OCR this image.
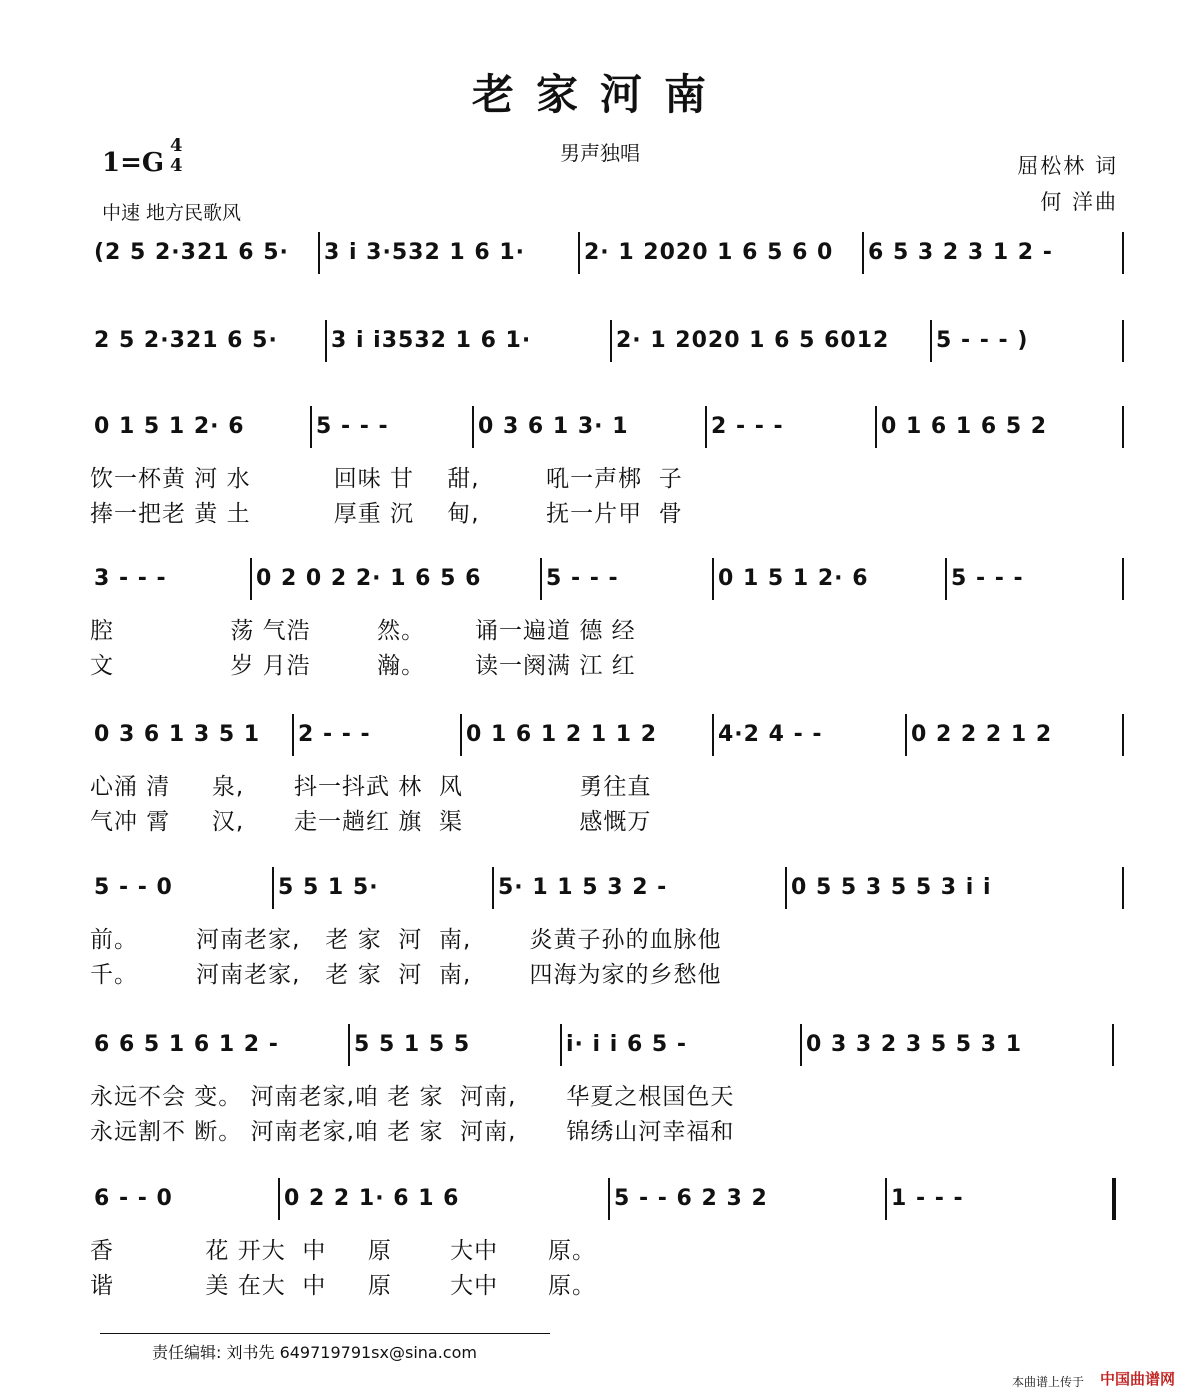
老家河南
男声独唱
1=G
4
4
中速 地方民歌风
屈松林 词
何 洋曲
(2 5 2·321 6 5·	3 i 3·532 1 6 1·	2· 1 2020 1 6 5 6 0	6 5 3 2 3 1 2 -
2 5 2·321 6 5·	3 i i3532 1 6 1·	2· 1 2020 1 6 5 6012	5 - - - )
0 1 5 1 2· 6	5 - - -	0 3 6 1 3· 1	2 - - -	0 1 6 1 6 5 2
饮一杯黄 河 水          回味 甘    甜,        吼一声梆  子
捧一把老 黄 土          厚重 沉    甸,        抚一片甲  骨
3 - - -	0 2 0 2 2· 1 6 5 6	5 - - -	0 1 5 1 2· 6	5 - - -
腔              荡 气浩        然。      诵一遍道 德 经
文              岁 月浩        瀚。      读一阕满 江 红
0 3 6 1 3 5 1	2 - - -	0 1 6 1 2 1 1 2	4·2 4 - -	0 2 2 2 1 2
心涌 清     泉,      抖一抖武 林  风              勇往直
气冲 霄     汉,      走一趟红 旗  渠              感慨万
5 - - 0	5 5 1 5·	5· 1 1 5 3 2 -	0 5 5 3 5 5 3 i i
前。       河南老家,   老 家  河  南,       炎黄子孙的血脉他
千。       河南老家,   老 家  河  南,       四海为家的乡愁他
6 6 5 1 6 1 2 -	5 5 1 5 5	i· i i 6 5 -	0 3 3 2 3 5 5 3 1
永远不会 变。 河南老家,咱 老 家  河南,      华夏之根国色天
永远割不 断。 河南老家,咱 老 家  河南,      锦绣山河幸福和
6 - - 0	0 2 2 1· 6 1 6	5 - - 6 2 3 2	1 - - -
香           花 开大  中     原       大中      原。
谐           美 在大  中     原       大中      原。
责任编辑: 刘书先 649719791sx@sina.com
本曲谱上传于 中国曲谱网
